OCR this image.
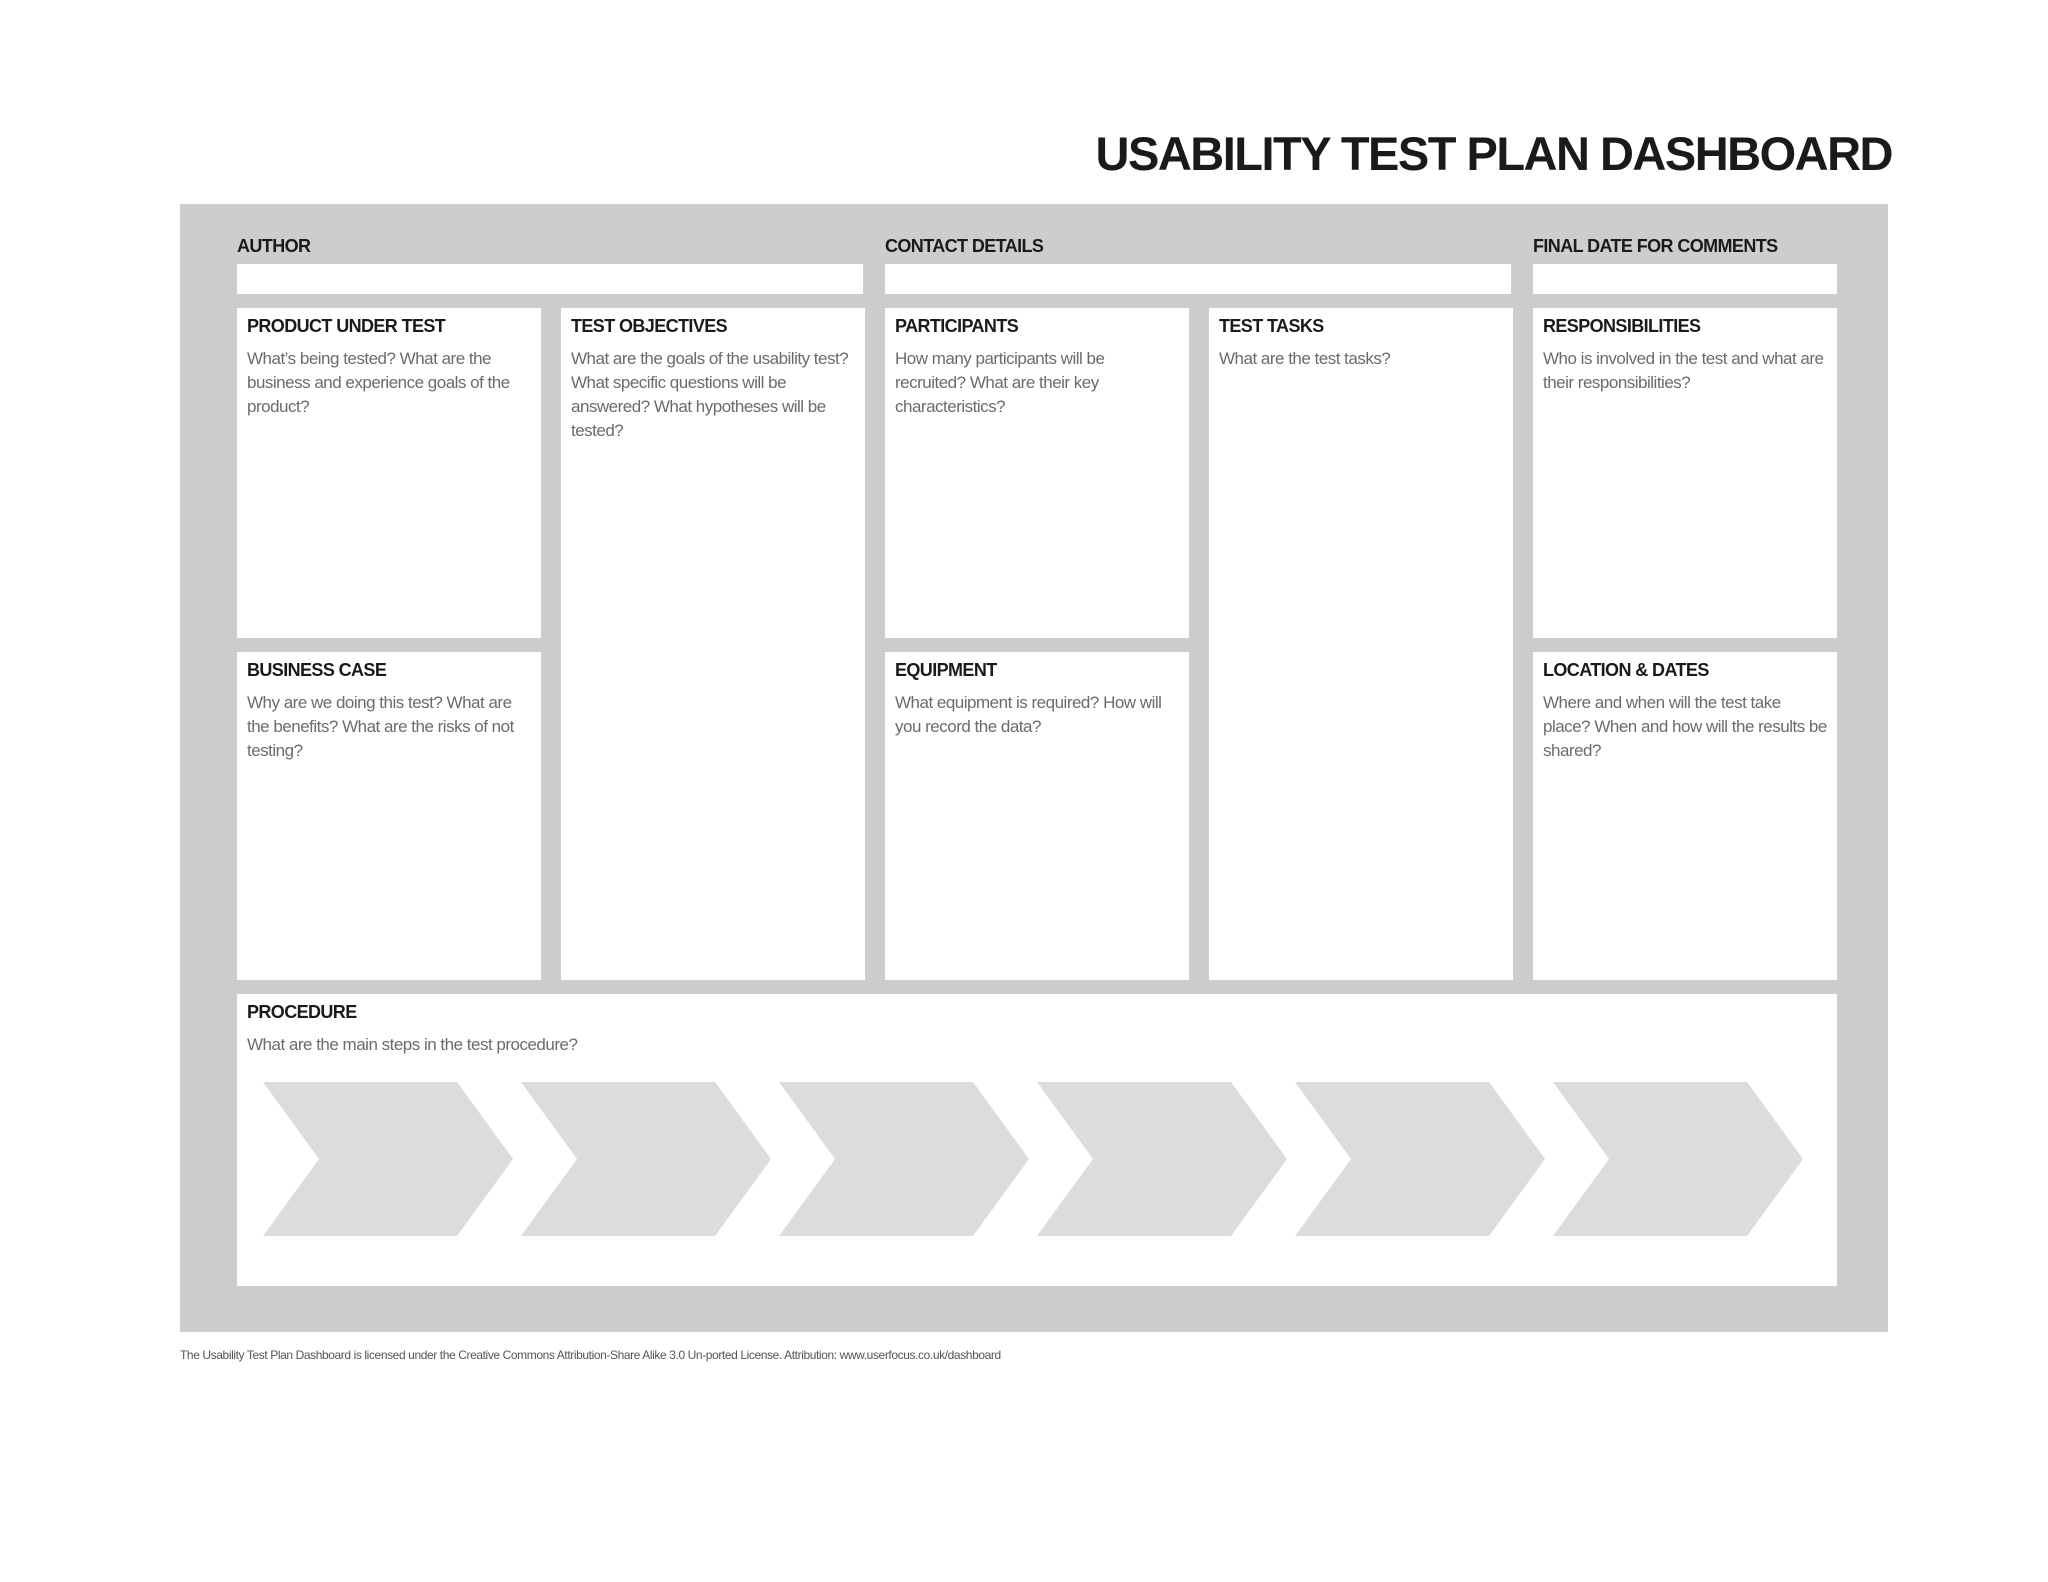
USABILITY TEST PLAN DASHBOARD
AUTHOR	CONTACT DETAILS	FINAL DATE FOR COMMENTS
PRODUCT UNDER TEST

What’s being tested? What are the business and experience goals of the product?

TEST OBJECTIVES

What are the goals of the usability test? What specific questions will be answered? What hypotheses will be tested?

PARTICIPANTS

How many participants will be recruited? What are their key characteristics?

TEST TASKS

What are the test tasks?

RESPONSIBILITIES

Who is involved in the test and what are their responsibilities?

BUSINESS CASE

Why are we doing this test? What are the benefits? What are the risks of not testing?

EQUIPMENT

What equipment is required? How will you record the data?

LOCATION & DATES

Where and when will the test take place? When and how will the results be shared?

PROCEDURE

What are the main steps in the test procedure?

The Usability Test Plan Dashboard is licensed under the Creative Commons Attribution-Share Alike 3.0 Un-ported License. Attribution: www.userfocus.co.uk/dashboard
